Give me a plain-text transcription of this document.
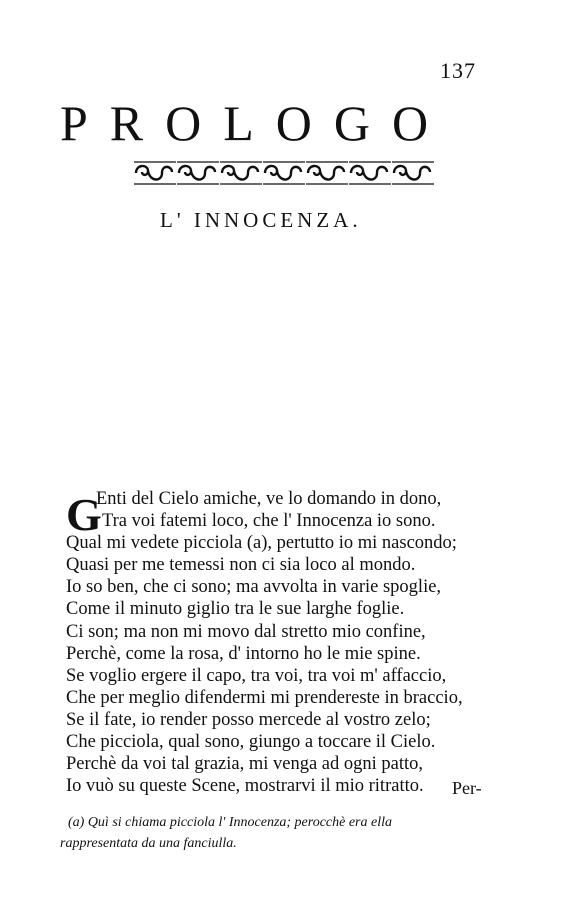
137
PROLOGO
L' INNOCENZA.
G
Enti del Cielo amiche, ve lo domando in dono,
Tra voi fatemi loco, che l' Innocenza io sono.
Qual mi vedete picciola (a), pertutto io mi nascondo;
Quasi per me temessi non ci sia loco al mondo.
Io so ben, che ci sono; ma avvolta in varie spoglie,
Come il minuto giglio tra le sue larghe foglie.
Ci son; ma non mi movo dal stretto mio confine,
Perchè, come la rosa, d' intorno ho le mie spine.
Se voglio ergere il capo, tra voi, tra voi m' affaccio,
Che per meglio difendermi mi prendereste in braccio,
Se il fate, io render posso mercede al vostro zelo;
Che picciola, qual sono, giungo a toccare il Cielo.
Perchè da voi tal grazia, mi venga ad ogni patto,
Io vuò su queste Scene, mostrarvi il mio ritratto.	Per-
(a) Quì si chiama picciola l' Innocenza; perocchè era ella
rappresentata da una fanciulla.
